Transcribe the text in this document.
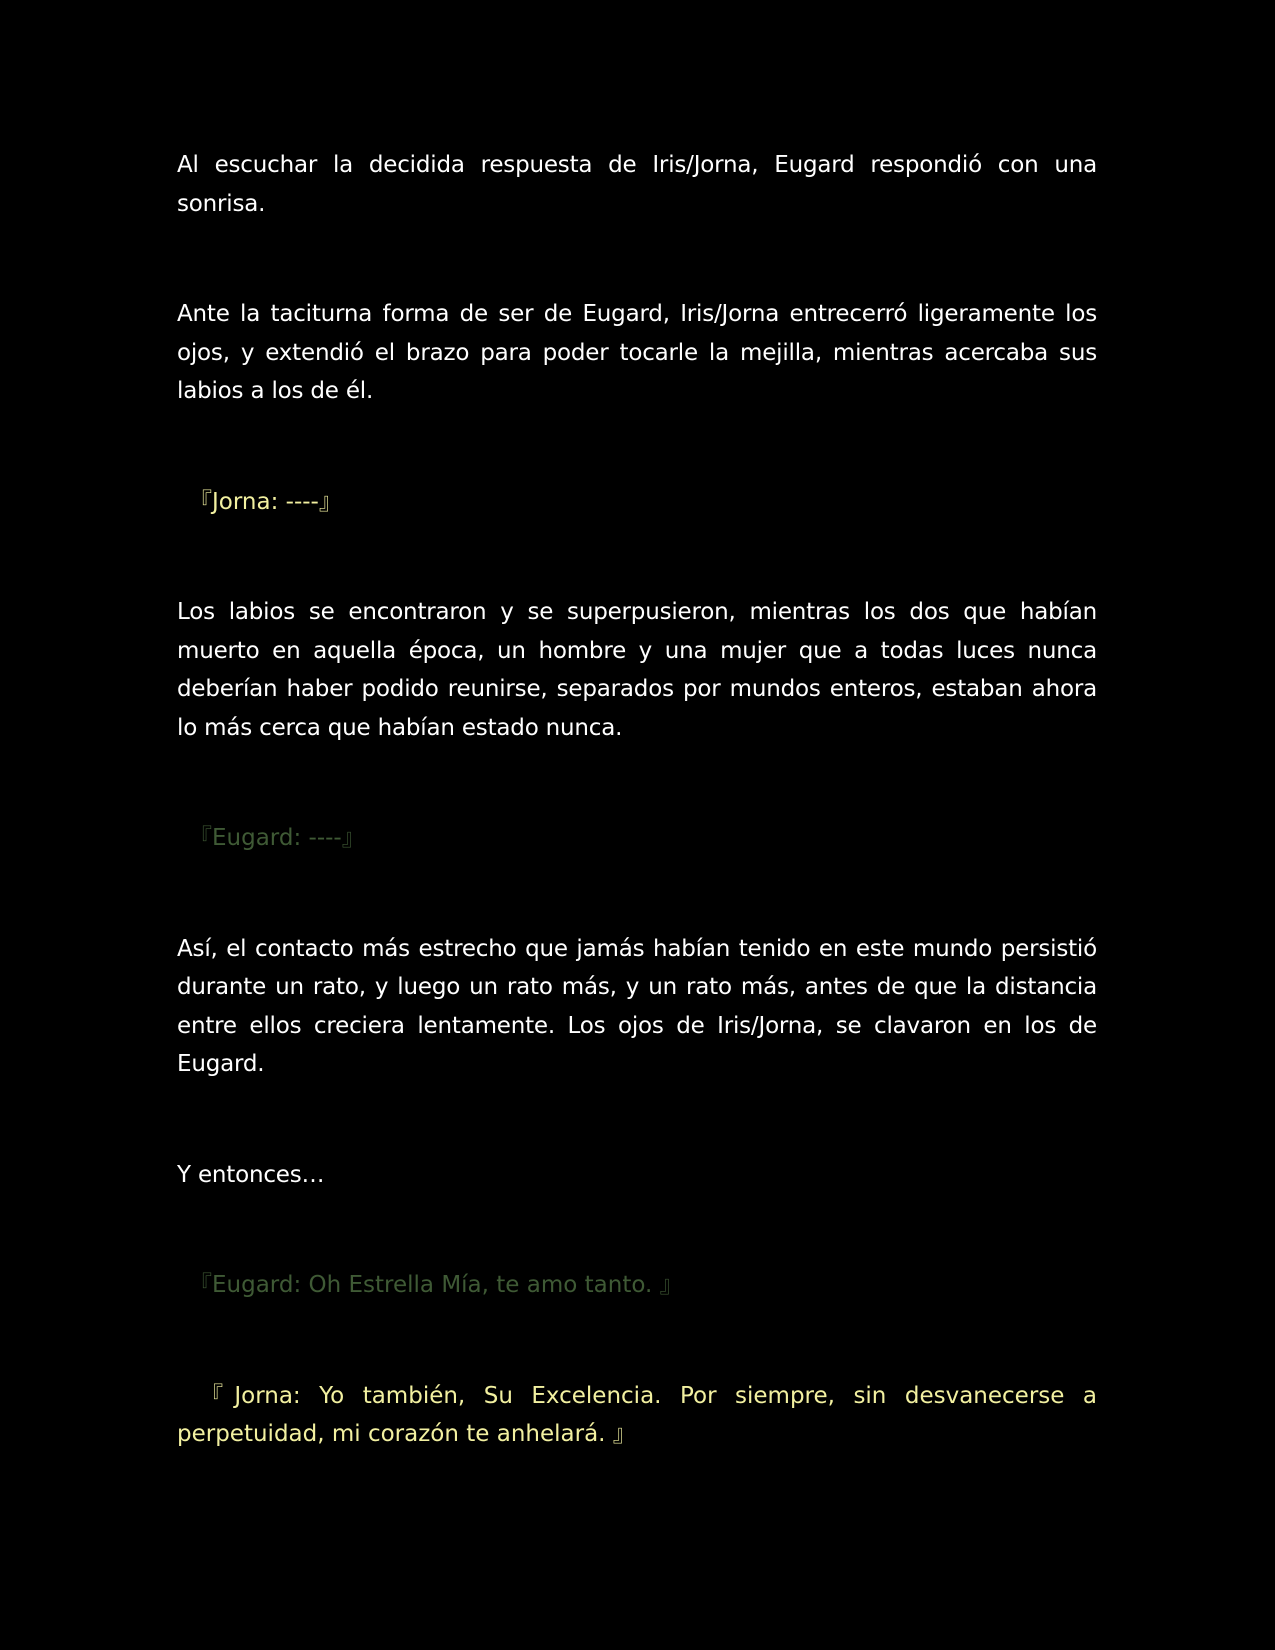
Al escuchar la decidida respuesta de Iris/Jorna, Eugard respondió con una sonrisa.

Ante la taciturna forma de ser de Eugard, Iris/Jorna entrecerró ligeramente los ojos, y extendió el brazo para poder tocarle la mejilla, mientras acercaba sus labios a los de él.

『Jorna: ----』

Los labios se encontraron y se superpusieron, mientras los dos que habían muerto en aquella época, un hombre y una mujer que a todas luces nunca deberían haber podido reunirse, separados por mundos enteros, estaban ahora lo más cerca que habían estado nunca.

『Eugard: ----』

Así, el contacto más estrecho que jamás habían tenido en este mundo persistió durante un rato, y luego un rato más, y un rato más, antes de que la distancia entre ellos creciera lentamente. Los ojos de Iris/Jorna, se clavaron en los de Eugard.

Y entonces…

『Eugard: Oh Estrella Mía, te amo tanto. 』

『Jorna: Yo también, Su Excelencia. Por siempre, sin desvanecerse a perpetuidad, mi corazón te anhelará. 』
